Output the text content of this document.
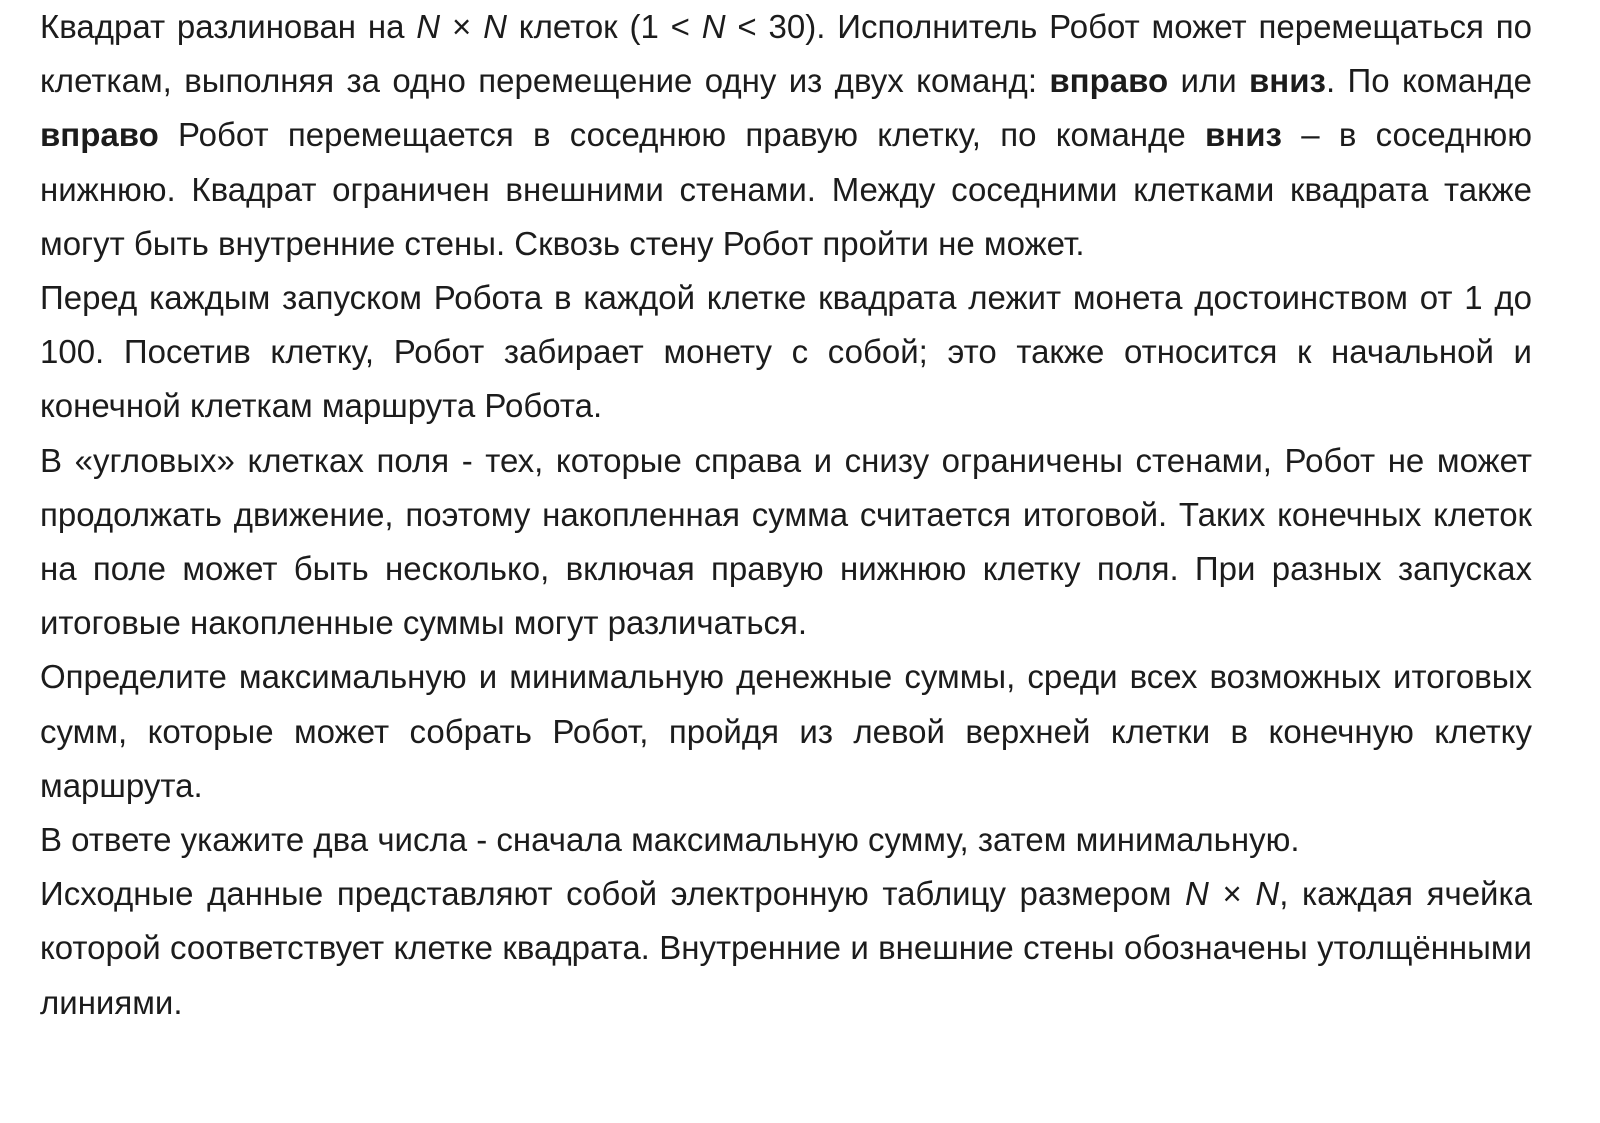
Квадрат разлинован на N × N клеток (1 < N < 30). Исполнитель Робот может перемещаться по клеткам, выполняя за одно перемещение одну из двух команд: вправо или вниз. По команде вправо Робот перемещается в соседнюю правую клетку, по команде вниз – в соседнюю нижнюю. Квадрат ограничен внешними стенами. Между соседними клетками квадрата также могут быть внутренние стены. Сквозь стену Робот пройти не может.

Перед каждым запуском Робота в каждой клетке квадрата лежит монета достоинством от 1 до 100. Посетив клетку, Робот забирает монету с собой; это также относится к начальной и конечной клеткам маршрута Робота.

В «угловых» клетках поля - тех, которые справа и снизу ограничены стенами, Робот не может продолжать движение, поэтому накопленная сумма считается итоговой. Таких конечных клеток на поле может быть несколько, включая правую нижнюю клетку поля. При разных запусках итоговые накопленные суммы могут различаться.

Определите максимальную и минимальную денежные суммы, среди всех возможных итоговых сумм, которые может собрать Робот, пройдя из левой верхней клетки в конечную клетку маршрута.

В ответе укажите два числа - сначала максимальную сумму, затем минимальную.

Исходные данные представляют собой электронную таблицу размером N × N, каждая ячейка которой соответствует клетке квадрата. Внутренние и внешние стены обозначены утолщёнными линиями.
